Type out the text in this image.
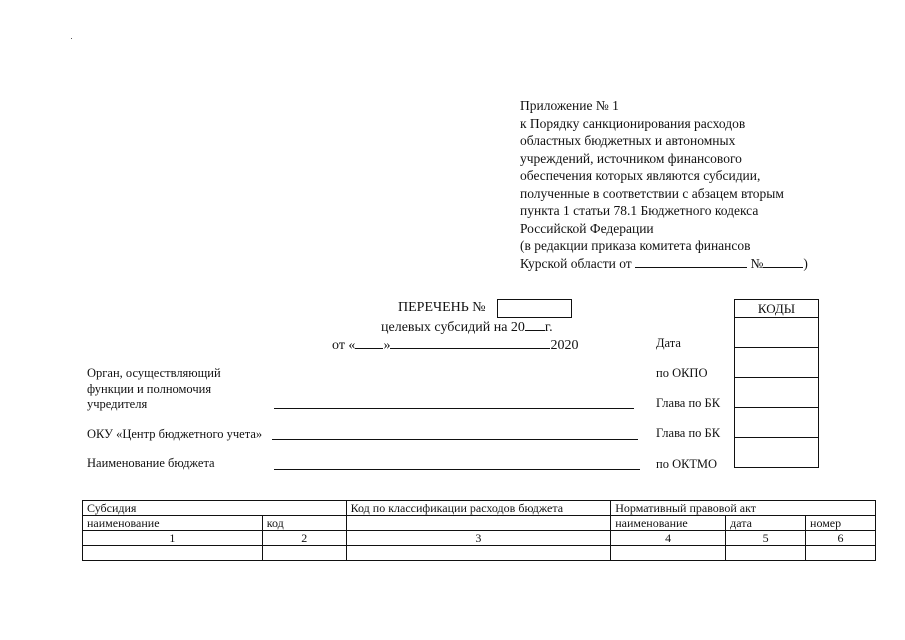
Приложение № 1
к Порядку санкционирования расходов
областных бюджетных и автономных
учреждений, источником финансового
обеспечения которых являются субсидии,
полученные в соответствии с абзацем вторым
пункта 1 статьи 78.1 Бюджетного кодекса
Российской Федерации
(в редакции приказа комитета финансов
Курской области от	№	)
ПЕРЕЧЕНЬ №
целевых субсидий на 20 г.
от « »	2020	Дата
по ОКПО
Глава по БК
Глава по БК
по ОКТМО
КОДЫ
Орган, осуществляющий
функции и полномочия
учредителя
ОКУ «Центр бюджетного учета»
Наименование бюджета
Субсидия		Код по классификации расходов бюджета	Нормативный правовой акт		
наименование	код		наименование	дата	номер
1	2	3	4	5	6
